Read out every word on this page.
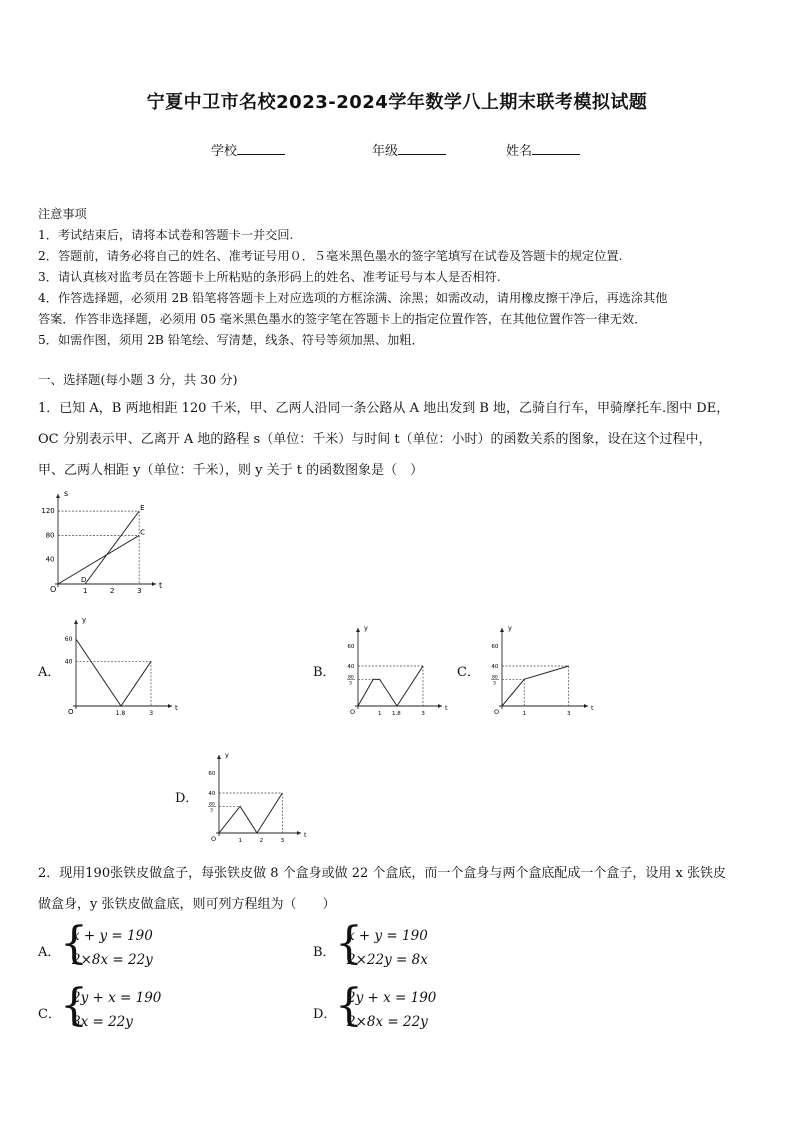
宁夏中卫市名校2023-2024学年数学八上期末联考模拟试题
学校	年级	姓名
注意事项
1．考试结束后，请将本试卷和答题卡一并交回.
2．答题前，请务必将自己的姓名、准考证号用０．５毫米黑色墨水的签字笔填写在试卷及答题卡的规定位置.
3．请认真核对监考员在答题卡上所粘贴的条形码上的姓名、准考证号与本人是否相符.
4．作答选择题，必须用 2B 铅笔将答题卡上对应选项的方框涂满、涂黑；如需改动，请用橡皮擦干净后，再选涂其他
答案．作答非选择题，必须用 05 毫米黑色墨水的签字笔在答题卡上的指定位置作答，在其他位置作答一律无效．
5．如需作图，须用 2B 铅笔绘、写清楚，线条、符号等须加黑、加粗．
一、选择题(每小题 3 分，共 30 分)
1．已知 A，B 两地相距 120 千米，甲、乙两人沿同一条公路从 A 地出发到 B 地，乙骑自行车，甲骑摩托车.图中 DE，
OC 分别表示甲、乙离开 A 地的路程 s（单位：千米）与时间 t（单位：小时）的函数关系的图象，设在这个过程中，
甲、乙两人相距 y（单位：千米），则 y 关于 t 的函数图象是（　）
t
s
O
40
80
120
1	2	3
E
D
C
A．
t
y
O
40
60
1.8	3
B．
t
y
O
80
3
40
60
1 1.8	3
C．
t
y
O
80
3
40
60
1	3
D．
t
y
O
80
3
40
60
1	2	3
2．现用190张铁皮做盒子，每张铁皮做 8 个盒身或做 22 个盒底，而一个盒身与两个盒底配成一个盒子，设用 x 张铁皮
做盒身，y 张铁皮做盒底，则可列方程组为（　　）
A． {
x + y = 190
2×8x = 22y	B． {
x + y = 190
2×22y = 8x
C． {
2y + x = 190
8x = 22y	D．
{
2y + x = 190
2×8x = 22y
